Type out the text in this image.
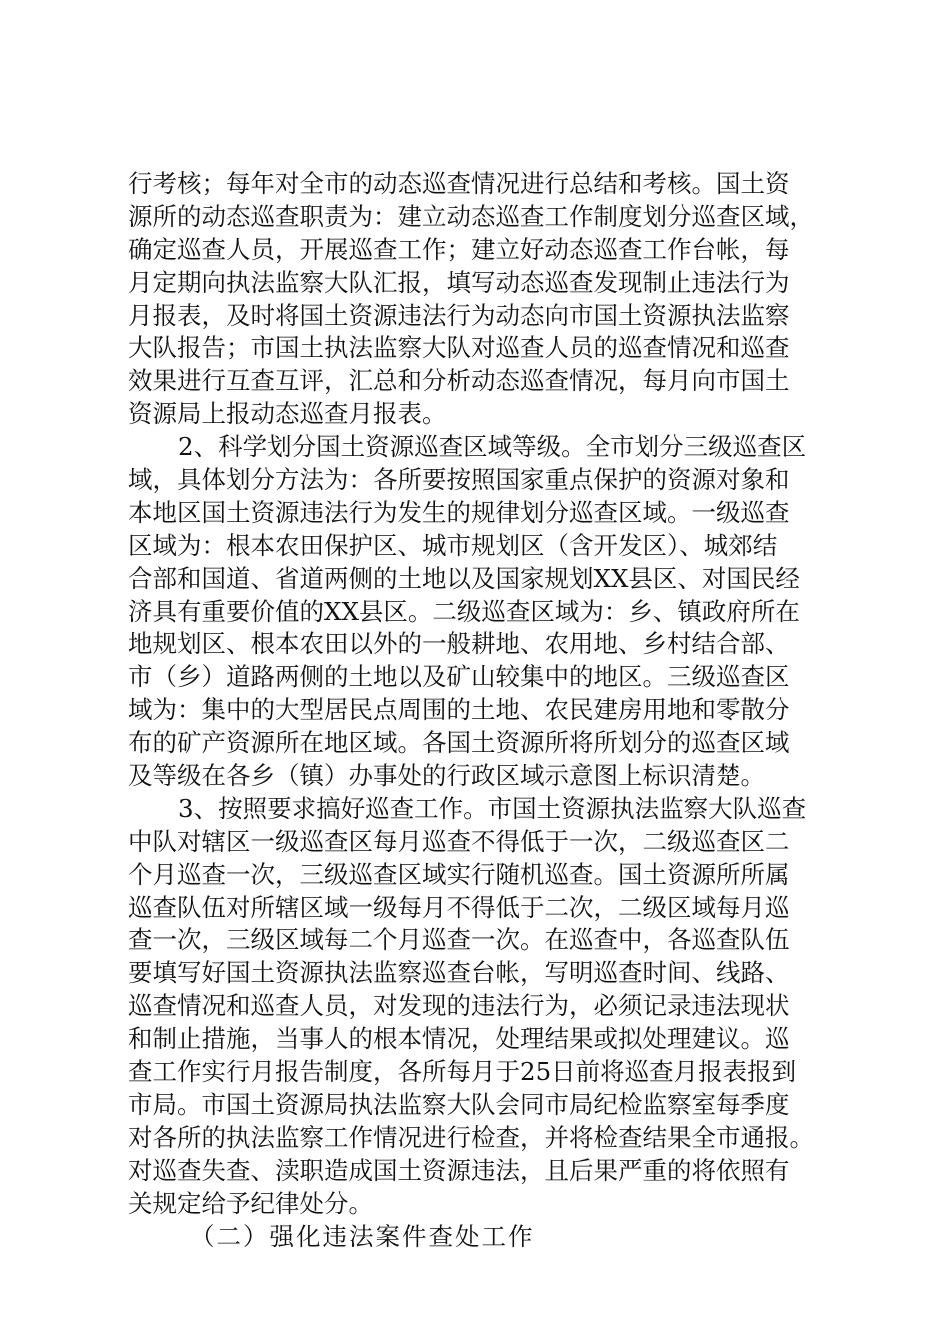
行考核；每年对全市的动态巡查情况进行总结和考核。国土资
源所的动态巡查职责为：建立动态巡查工作制度划分巡查区域，
确定巡查人员，开展巡查工作；建立好动态巡查工作台帐，每
月定期向执法监察大队汇报，填写动态巡查发现制止违法行为
月报表，及时将国土资源违法行为动态向市国土资源执法监察
大队报告；市国土执法监察大队对巡查人员的巡查情况和巡查
效果进行互查互评，汇总和分析动态巡查情况，每月向市国土
资源局上报动态巡查月报表。
2、科学划分国土资源巡查区域等级。全市划分三级巡查区
域，具体划分方法为：各所要按照国家重点保护的资源对象和
本地区国土资源违法行为发生的规律划分巡查区域。一级巡查
区域为：根本农田保护区、城市规划区（含开发区）、城郊结
合部和国道、省道两侧的土地以及国家规划XX县区、对国民经
济具有重要价值的XX县区。二级巡查区域为：乡、镇政府所在
地规划区、根本农田以外的一般耕地、农用地、乡村结合部、
市（乡）道路两侧的土地以及矿山较集中的地区。三级巡查区
域为：集中的大型居民点周围的土地、农民建房用地和零散分
布的矿产资源所在地区域。各国土资源所将所划分的巡查区域
及等级在各乡（镇）办事处的行政区域示意图上标识清楚。
3、按照要求搞好巡查工作。市国土资源执法监察大队巡查
中队对辖区一级巡查区每月巡查不得低于一次，二级巡查区二
个月巡查一次，三级巡查区域实行随机巡查。国土资源所所属
巡查队伍对所辖区域一级每月不得低于二次，二级区域每月巡
查一次，三级区域每二个月巡查一次。在巡查中，各巡查队伍
要填写好国土资源执法监察巡查台帐，写明巡查时间、线路、
巡查情况和巡查人员，对发现的违法行为，必须记录违法现状
和制止措施，当事人的根本情况，处理结果或拟处理建议。巡
查工作实行月报告制度，各所每月于25日前将巡查月报表报到
市局。市国土资源局执法监察大队会同市局纪检监察室每季度
对各所的执法监察工作情况进行检查，并将检查结果全市通报。
对巡查失查、渎职造成国土资源违法，且后果严重的将依照有
关规定给予纪律处分。
（二）强化违法案件查处工作
